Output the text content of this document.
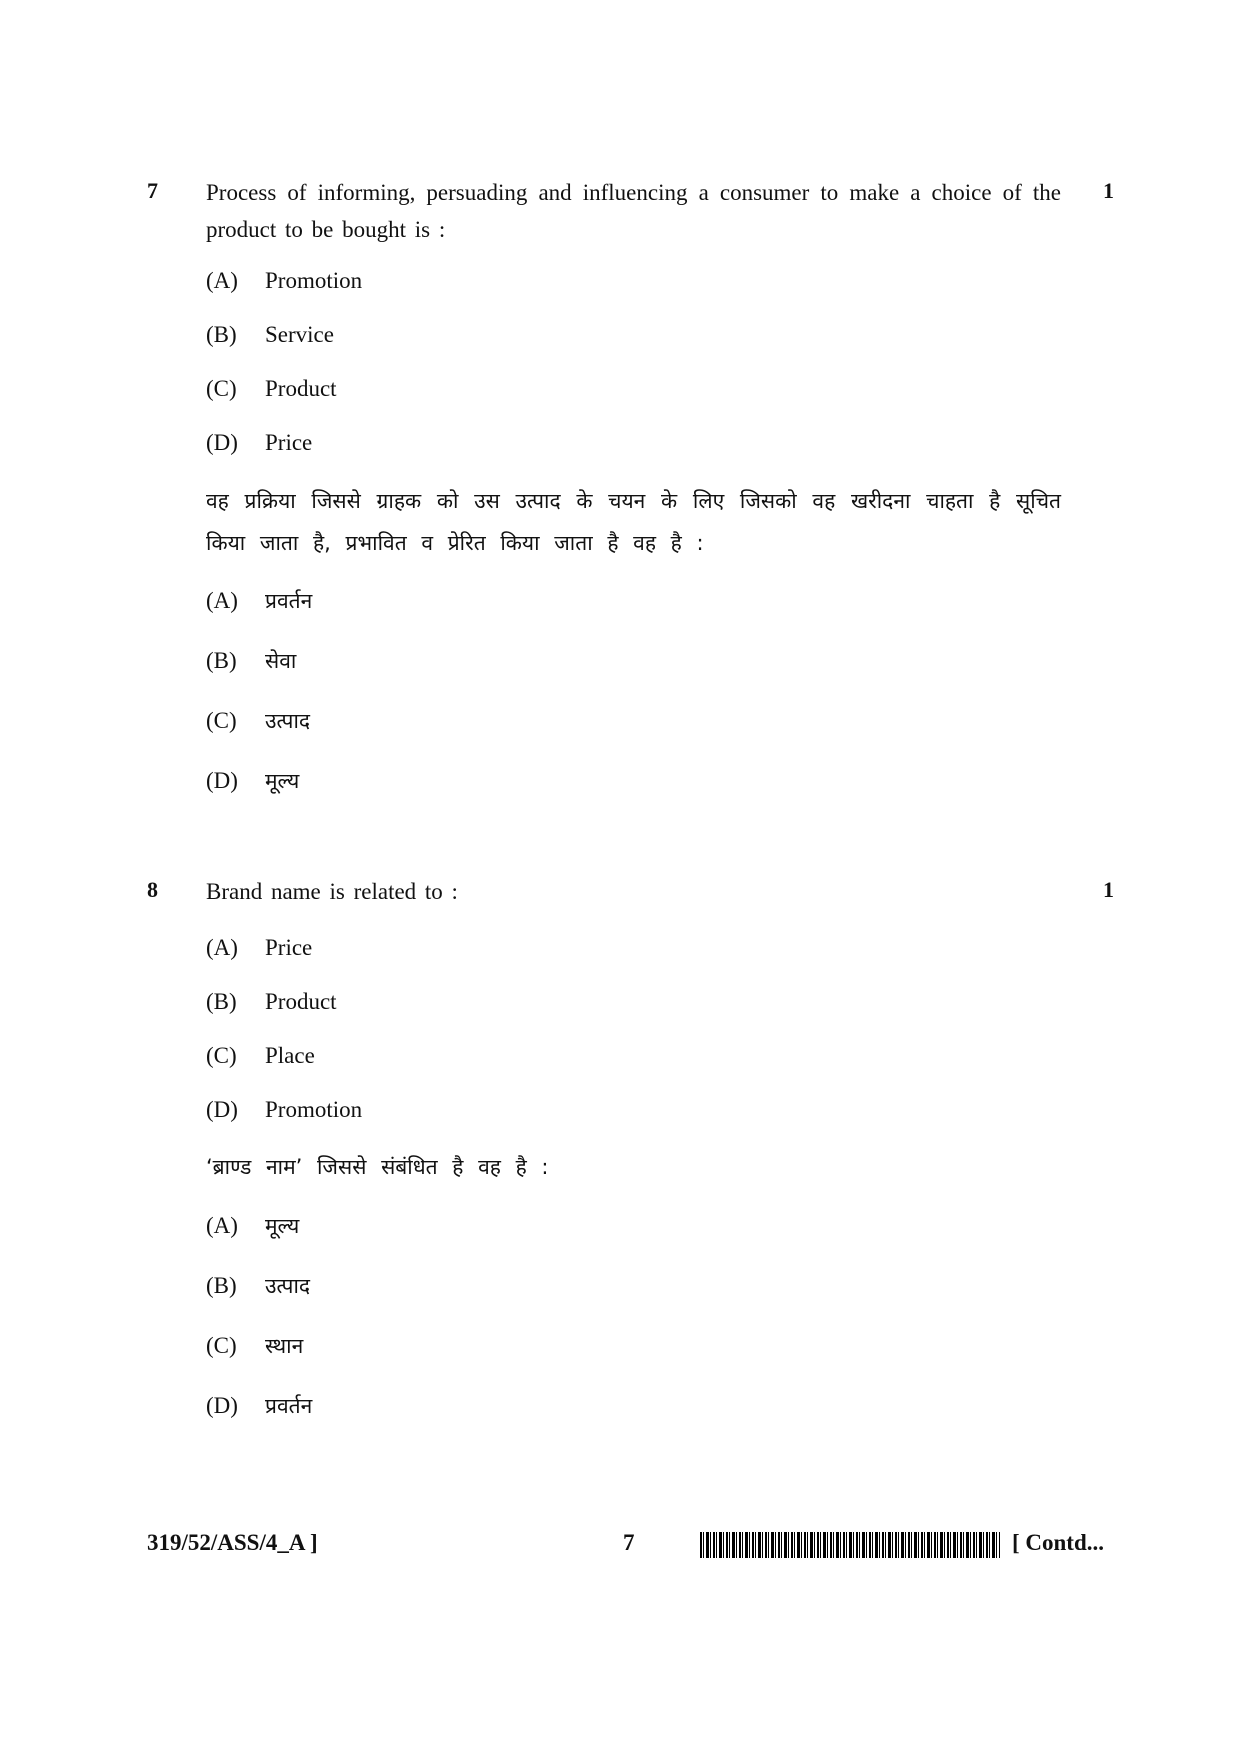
7	1
Process of informing, persuading and influencing a consumer to make a choice of the product to be bought is :
(A) Promotion
(B) Service
(C) Product
(D) Price
वह प्रक्रिया जिससे ग्राहक को उस उत्पाद के चयन के लिए जिसको वह खरीदना चाहता है सूचित किया जाता है, प्रभावित व प्रेरित किया जाता है वह है :
(A) प्रवर्तन
(B) सेवा
(C) उत्पाद
(D) मूल्य
8	1
Brand name is related to :
(A) Price
(B) Product
(C) Place
(D) Promotion
‘ब्राण्ड नाम’ जिससे संबंधित है वह है :
(A) मूल्य
(B) उत्पाद
(C) स्थान
(D) प्रवर्तन
319/52/ASS/4_A ]	7	[ Contd...
